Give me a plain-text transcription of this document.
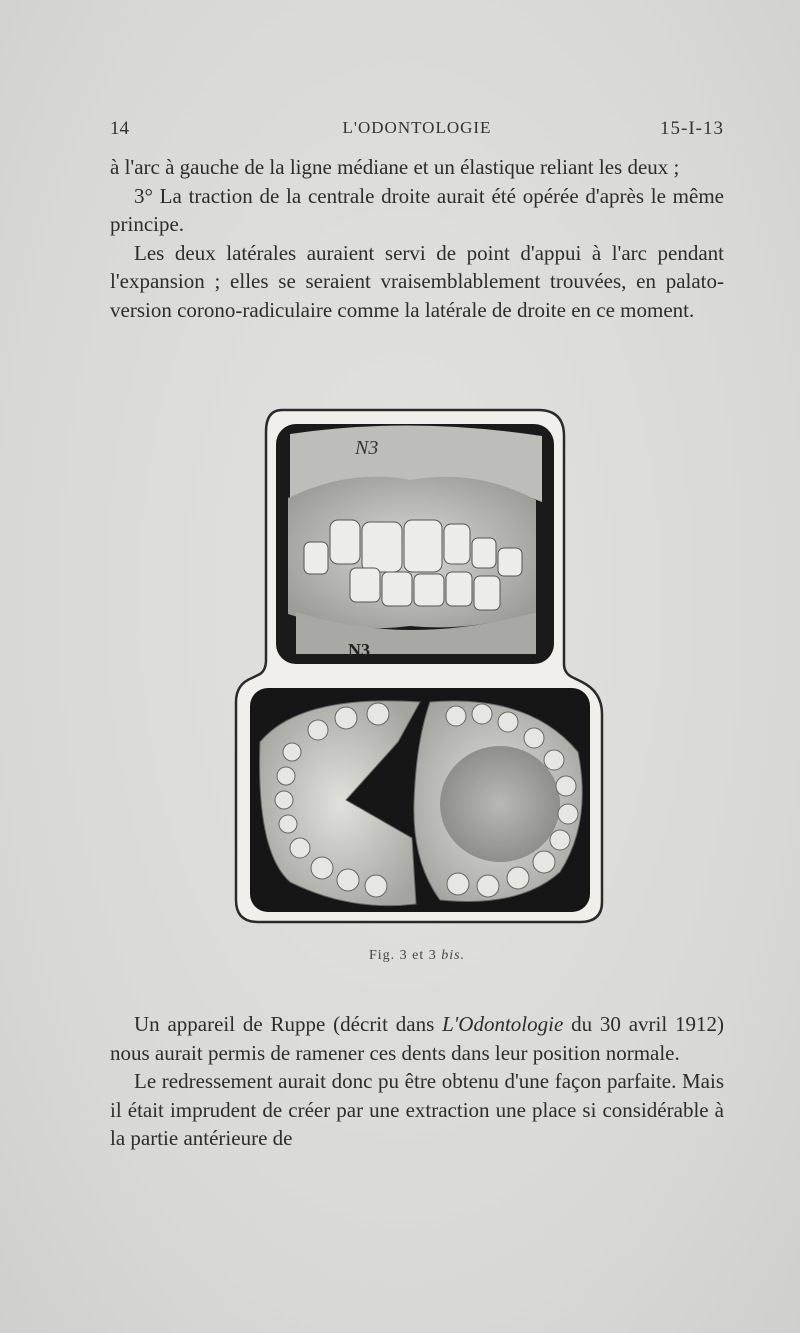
14	L'ODONTOLOGIE	15-I-13

à l'arc à gauche de la ligne médiane et un élastique reliant les deux ;

3° La traction de la centrale droite aurait été opérée d'après le même principe.

Les deux latérales auraient servi de point d'appui à l'arc pendant l'expansion ; elles se seraient vraisemblablement trouvées, en palato-version corono-radiculaire comme la latérale de droite en ce moment.

N3
N3
Fig. 3 et 3 bis.

Un appareil de Ruppe (décrit dans L'Odontologie du 30 avril 1912) nous aurait permis de ramener ces dents dans leur position normale.

Le redressement aurait donc pu être obtenu d'une façon parfaite. Mais il était imprudent de créer par une extraction une place si considérable à la partie antérieure de
